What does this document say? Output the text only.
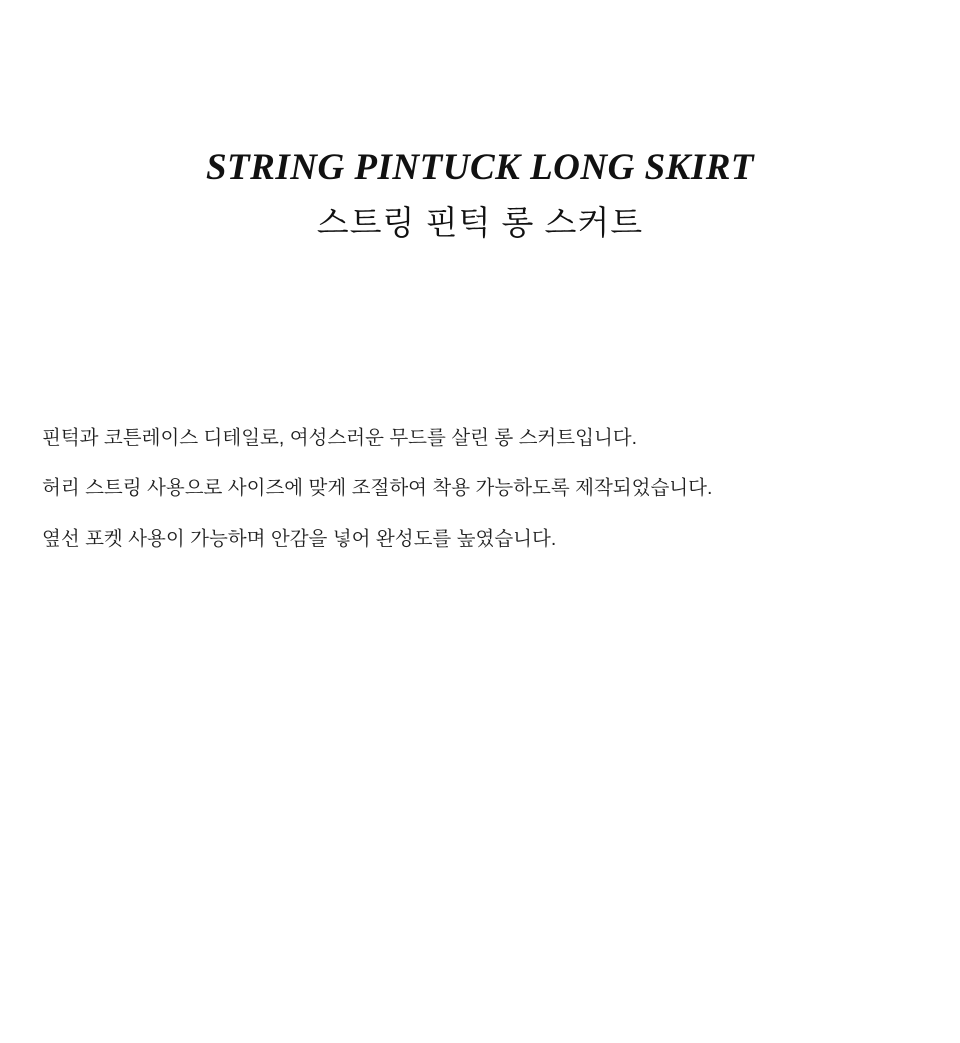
STRING PINTUCK LONG SKIRT
스트링 핀턱 롱 스커트

핀턱과 코튼레이스 디테일로, 여성스러운 무드를 살린 롱 스커트입니다.

허리 스트링 사용으로 사이즈에 맞게 조절하여 착용 가능하도록 제작되었습니다.

옆선 포켓 사용이 가능하며 안감을 넣어 완성도를 높였습니다.
